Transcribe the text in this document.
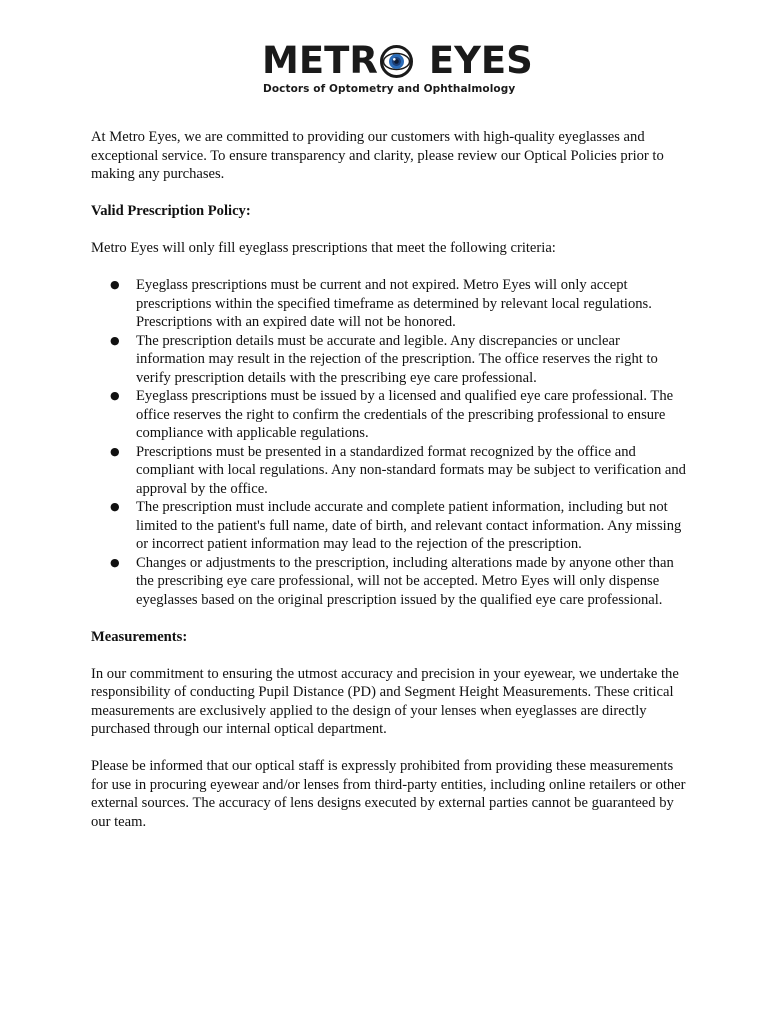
METR EYES
Doctors of Optometry and Ophthalmology

At Metro Eyes, we are committed to providing our customers with high-quality eyeglasses and exceptional service. To ensure transparency and clarity, please review our Optical Policies prior to making any purchases.

Valid Prescription Policy:

Metro Eyes will only fill eyeglass prescriptions that meet the following criteria:

● Eyeglass prescriptions must be current and not expired. Metro Eyes will only accept prescriptions within the specified timeframe as determined by relevant local regulations. Prescriptions with an expired date will not be honored.
● The prescription details must be accurate and legible. Any discrepancies or unclear information may result in the rejection of the prescription. The office reserves the right to verify prescription details with the prescribing eye care professional.
● Eyeglass prescriptions must be issued by a licensed and qualified eye care professional. The office reserves the right to confirm the credentials of the prescribing professional to ensure compliance with applicable regulations.
● Prescriptions must be presented in a standardized format recognized by the office and compliant with local regulations. Any non-standard formats may be subject to verification and approval by the office.
● The prescription must include accurate and complete patient information, including but not limited to the patient's full name, date of birth, and relevant contact information. Any missing or incorrect patient information may lead to the rejection of the prescription.
● Changes or adjustments to the prescription, including alterations made by anyone other than the prescribing eye care professional, will not be accepted. Metro Eyes will only dispense eyeglasses based on the original prescription issued by the qualified eye care professional.

Measurements:

In our commitment to ensuring the utmost accuracy and precision in your eyewear, we undertake the responsibility of conducting Pupil Distance (PD) and Segment Height Measurements. These critical measurements are exclusively applied to the design of your lenses when eyeglasses are directly purchased through our internal optical department.

Please be informed that our optical staff is expressly prohibited from providing these measurements for use in procuring eyewear and/or lenses from third-party entities, including online retailers or other external sources. The accuracy of lens designs executed by external parties cannot be guaranteed by our team.
